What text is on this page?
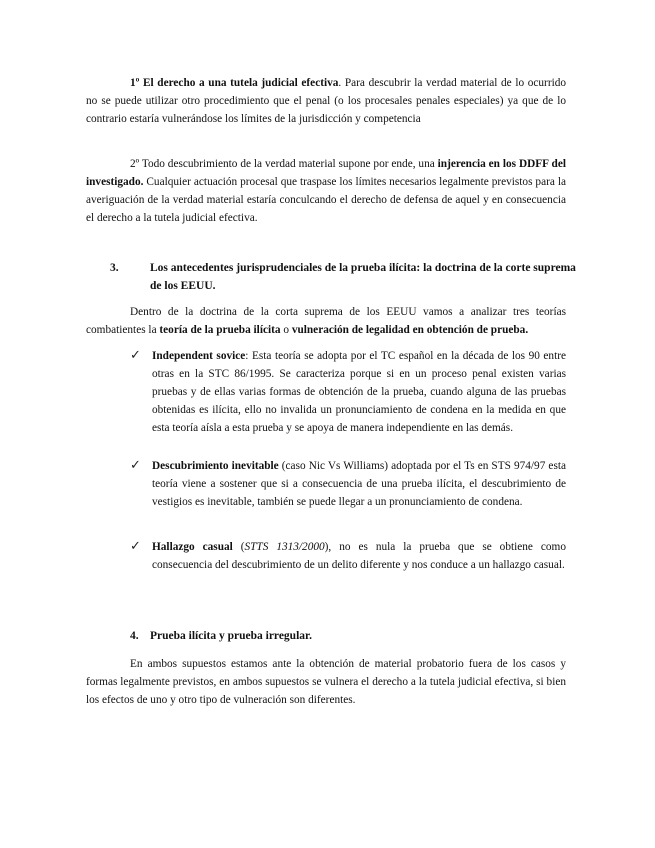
1º El derecho a una tutela judicial efectiva. Para descubrir la verdad material de lo ocurrido no se puede utilizar otro procedimiento que el penal (o los procesales penales especiales) ya que de lo contrario estaría vulnerándose los límites de la jurisdicción y competencia
2º Todo descubrimiento de la verdad material supone por ende, una injerencia en los DDFF del investigado. Cualquier actuación procesal que traspase los límites necesarios legalmente previstos para la averiguación de la verdad material estaría conculcando el derecho de defensa de aquel y en consecuencia el derecho a la tutela judicial efectiva.
3.	Los antecedentes jurisprudenciales de la prueba ilícita: la doctrina de la corte suprema de los EEUU.
Dentro de la doctrina de la corta suprema de los EEUU vamos a analizar tres teorías combatientes la teoría de la prueba ilícita o vulneración de legalidad en obtención de prueba.
✓ Independent sovice: Esta teoría se adopta por el TC español en la década de los 90 entre otras en la STC 86/1995. Se caracteriza porque si en un proceso penal existen varias pruebas y de ellas varias formas de obtención de la prueba, cuando alguna de las pruebas obtenidas es ilícita, ello no invalida un pronunciamiento de condena en la medida en que esta teoría aísla a esta prueba y se apoya de manera independiente en las demás.
✓ Descubrimiento inevitable (caso Nic Vs Williams) adoptada por el Ts en STS 974/97 esta teoría viene a sostener que si a consecuencia de una prueba ilícita, el descubrimiento de vestigios es inevitable, también se puede llegar a un pronunciamiento de condena.
✓ Hallazgo casual (STTS 1313/2000), no es nula la prueba que se obtiene como consecuencia del descubrimiento de un delito diferente y nos conduce a un hallazgo casual.
4. Prueba ilícita y prueba irregular.
En ambos supuestos estamos ante la obtención de material probatorio fuera de los casos y formas legalmente previstos, en ambos supuestos se vulnera el derecho a la tutela judicial efectiva, si bien los efectos de uno y otro tipo de vulneración son diferentes.
